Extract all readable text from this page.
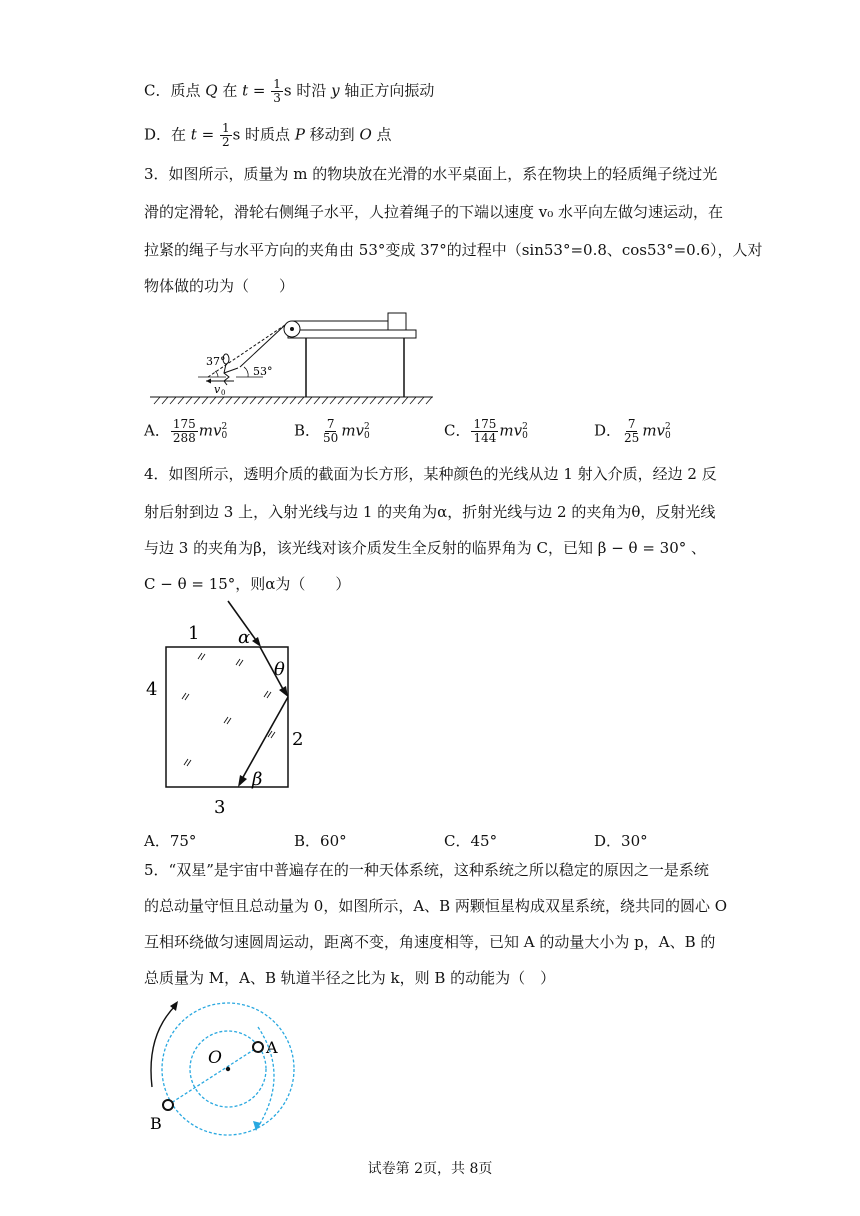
C．质点 Q 在 $t = \frac{1}{3}$ s 时沿 y 轴正方向振动
D．在 $t = \frac{1}{2}$ s 时质点 P 移动到 O 点
3．如图所示，质量为 m 的物块放在光滑的水平桌面上，系在物块上的轻质绳子绕过光
滑的定滑轮，滑轮右侧绳子水平，人拉着绳子的下端以速度 v₀ 水平向左做匀速运动，在
拉紧的绳子与水平方向的夹角由 53°变成 37°的过程中（sin53°=0.8、cos53°=0.6），人对
物体做的功为（　　）
53°
37°
v 0
A． $\frac{175}{288}$ mv 2
0	B． $\frac{7}{50}$ mv 2
0	C． $\frac{175}{144}$ mv 2
0	D． $\frac{7}{25}$ mv 2
0
4．如图所示，透明介质的截面为长方形，某种颜色的光线从边 1 射入介质，经边 2 反
射后射到边 3 上，入射光线与边 1 的夹角为α，折射光线与边 2 的夹角为θ，反射光线
与边 3 的夹角为β，该光线对该介质发生全反射的临界角为 C，已知 β − θ = 30° 、
C − θ = 15°，则α为（　　）
1
2
3
4
α
θ
β
A．75°	B．60°	C．45°	D．30°
5．“双星”是宇宙中普遍存在的一种天体系统，这种系统之所以稳定的原因之一是系统
的总动量守恒且总动量为 0，如图所示，A、B 两颗恒星构成双星系统，绕共同的圆心 O
互相环绕做匀速圆周运动，距离不变，角速度相等，已知 A 的动量大小为 p，A、B 的
总质量为 M，A、B 轨道半径之比为 k，则 B 的动能为（　）
O
A
B
试卷第 2页，共 8页
